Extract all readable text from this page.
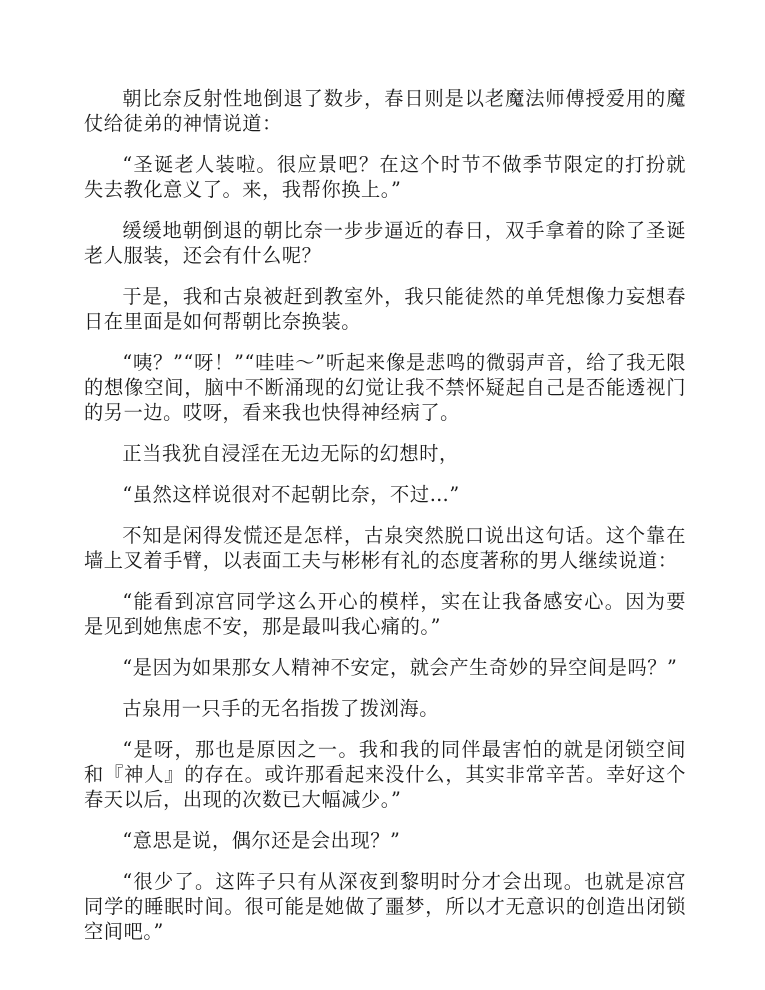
朝比奈反射性地倒退了数步，春日则是以老魔法师傅授爱用的魔仗给徒弟的神情说道：

“圣诞老人装啦。很应景吧？在这个时节不做季节限定的打扮就失去教化意义了。来，我帮你换上。”

缓缓地朝倒退的朝比奈一步步逼近的春日，双手拿着的除了圣诞老人服装，还会有什么呢？

于是，我和古泉被赶到教室外，我只能徒然的单凭想像力妄想春日在里面是如何帮朝比奈换装。

“咦？”“呀！”“哇哇～”听起来像是悲鸣的微弱声音，给了我无限的想像空间，脑中不断涌现的幻觉让我不禁怀疑起自己是否能透视门的另一边。哎呀，看来我也快得神经病了。

正当我犹自浸淫在无边无际的幻想时，

“虽然这样说很对不起朝比奈，不过…”

不知是闲得发慌还是怎样，古泉突然脱口说出这句话。这个靠在墙上叉着手臂，以表面工夫与彬彬有礼的态度著称的男人继续说道：

“能看到凉宫同学这么开心的模样，实在让我备感安心。因为要是见到她焦虑不安，那是最叫我心痛的。”

“是因为如果那女人精神不安定，就会产生奇妙的异空间是吗？”

古泉用一只手的无名指拨了拨浏海。

“是呀，那也是原因之一。我和我的同伴最害怕的就是闭锁空间和『神人』的存在。或许那看起来没什么，其实非常辛苦。幸好这个春天以后，出现的次数已大幅减少。”

“意思是说，偶尔还是会出现？”

“很少了。这阵子只有从深夜到黎明时分才会出现。也就是凉宫同学的睡眠时间。很可能是她做了噩梦，所以才无意识的创造出闭锁空间吧。”
